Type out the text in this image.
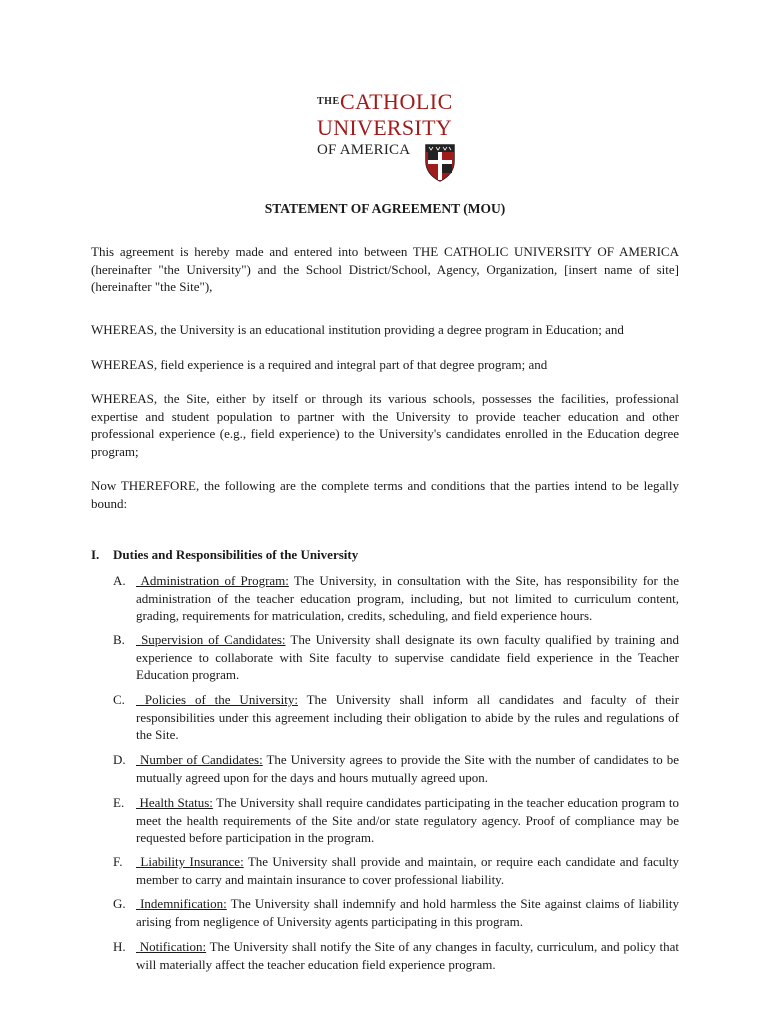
THE CATHOLIC
UNIVERSITY
OF AMERICA
STATEMENT OF AGREEMENT (MOU)

This agreement is hereby made and entered into between THE CATHOLIC UNIVERSITY OF AMERICA (hereinafter "the University") and the School District/School, Agency, Organization, [insert name of site] (hereinafter "the Site"),

WHEREAS, the University is an educational institution providing a degree program in Education; and

WHEREAS, field experience is a required and integral part of that degree program; and

WHEREAS, the Site, either by itself or through its various schools, possesses the facilities, professional expertise and student population to partner with the University to provide teacher education and other professional experience (e.g., field experience) to the University's candidates enrolled in the Education degree program;

Now THEREFORE, the following are the complete terms and conditions that the parties intend to be legally bound:

I. Duties and Responsibilities of the University
A.	Administration of Program: The University, in consultation with the Site, has responsibility for the administration of the teacher education program, including, but not limited to curriculum content, grading, requirements for matriculation, credits, scheduling, and field experience hours.
B.	Supervision of Candidates: The University shall designate its own faculty qualified by training and experience to collaborate with Site faculty to supervise candidate field experience in the Teacher Education program.
C.	Policies of the University: The University shall inform all candidates and faculty of their responsibilities under this agreement including their obligation to abide by the rules and regulations of the Site.
D.	Number of Candidates: The University agrees to provide the Site with the number of candidates to be mutually agreed upon for the days and hours mutually agreed upon.
E. Health Status: The University shall require candidates participating in the teacher education program to meet the health requirements of the Site and/or state regulatory agency. Proof of compliance may be requested before participation in the program.
F.	Liability Insurance: The University shall provide and maintain, or require each candidate and faculty member to carry and maintain insurance to cover professional liability.
G.	Indemnification: The University shall indemnify and hold harmless the Site against claims of liability arising from negligence of University agents participating in this program.
H. Notification: The University shall notify the Site of any changes in faculty, curriculum, and policy that will materially affect the teacher education field experience program.
